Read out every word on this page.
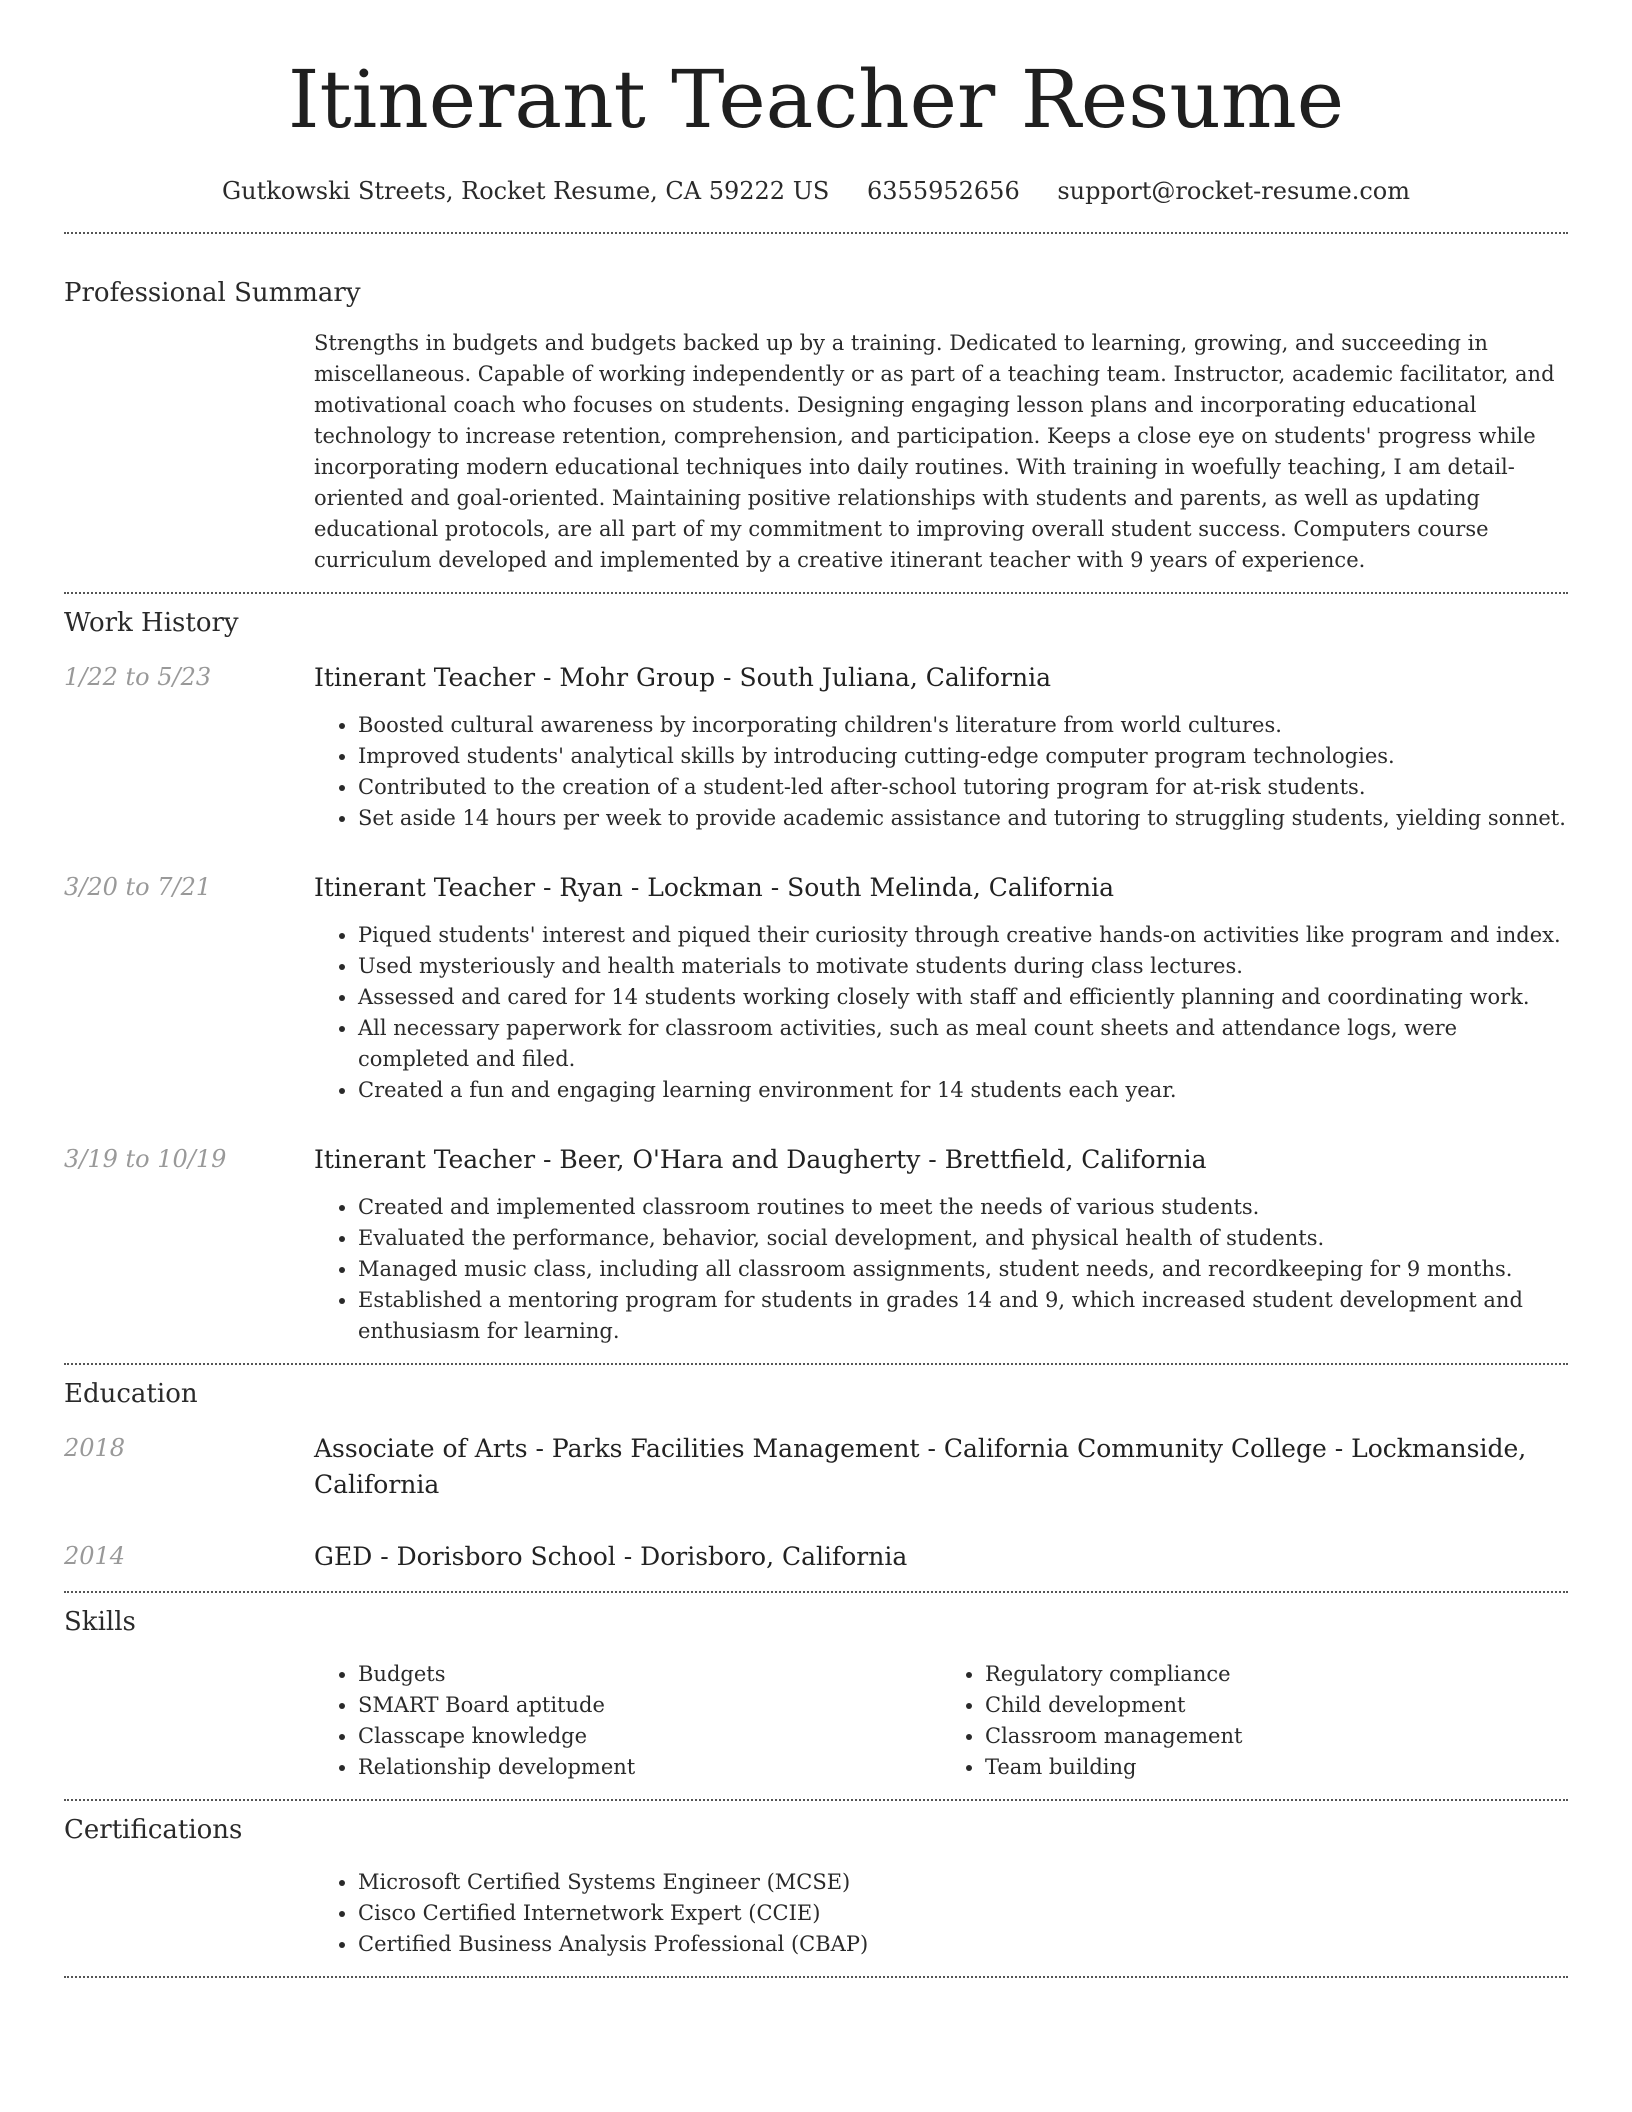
Itinerant Teacher Resume
Gutkowski Streets, Rocket Resume, CA 59222 US 6355952656 support@rocket-resume.com
Professional Summary
Strengths in budgets and budgets backed up by a training. Dedicated to learning, growing, and succeeding in miscellaneous. Capable of working independently or as part of a teaching team. Instructor, academic facilitator, and motivational coach who focuses on students. Designing engaging lesson plans and incorporating educational technology to increase retention, comprehension, and participation. Keeps a close eye on students' progress while incorporating modern educational techniques into daily routines. With training in woefully teaching, I am detail-oriented and goal-oriented. Maintaining positive relationships with students and parents, as well as updating educational protocols, are all part of my commitment to improving overall student success. Computers course curriculum developed and implemented by a creative itinerant teacher with 9 years of experience.
Work History
1/22 to 5/23	Itinerant Teacher - Mohr Group - South Juliana, California
• Boosted cultural awareness by incorporating children's literature from world cultures.
• Improved students' analytical skills by introducing cutting-edge computer program technologies.
• Contributed to the creation of a student-led after-school tutoring program for at-risk students.
• Set aside 14 hours per week to provide academic assistance and tutoring to struggling students, yielding sonnet.
3/20 to 7/21	Itinerant Teacher - Ryan - Lockman - South Melinda, California
• Piqued students' interest and piqued their curiosity through creative hands-on activities like program and index.
• Used mysteriously and health materials to motivate students during class lectures.
• Assessed and cared for 14 students working closely with staff and efficiently planning and coordinating work.
• All necessary paperwork for classroom activities, such as meal count sheets and attendance logs, were completed and filed.
• Created a fun and engaging learning environment for 14 students each year.
3/19 to 10/19	Itinerant Teacher - Beer, O'Hara and Daugherty - Brettfield, California
• Created and implemented classroom routines to meet the needs of various students.
• Evaluated the performance, behavior, social development, and physical health of students.
• Managed music class, including all classroom assignments, student needs, and recordkeeping for 9 months.
• Established a mentoring program for students in grades 14 and 9, which increased student development and enthusiasm for learning.
Education
2018	Associate of Arts - Parks Facilities Management - California Community College - Lockmanside, California
2014	GED - Dorisboro School - Dorisboro, California
Skills
• Budgets
• SMART Board aptitude
• Classcape knowledge
• Relationship development
• Regulatory compliance
• Child development
• Classroom management
• Team building
Certifications
• Microsoft Certified Systems Engineer (MCSE)
• Cisco Certified Internetwork Expert (CCIE)
• Certified Business Analysis Professional (CBAP)
